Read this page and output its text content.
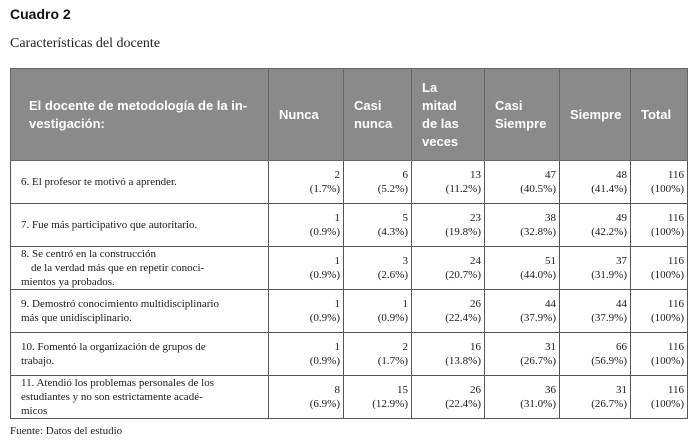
Cuadro 2
Características del docente
El docente de metodología de la in-
vestigación:	Nunca	Casi
nunca	La
mitad
de las
veces	Casi
Siempre	Siempre	Total

6. El profesor te motivó a aprender.	2
(1.7%)	6
(5.2%)	13
(11.2%)	47
(40.5%)	48
(41.4%)	116
(100%)

7. Fue más participativo que autoritario.	1
(0.9%)	5
(4.3%)	23
(19.8%)	38
(32.8%)	49
(42.2%)	116
(100%)

8. Se centró en la construcción
de la verdad más que en repetir conoci-
mientos ya probados.	1
(0.9%)	3
(2.6%)	24
(20.7%)	51
(44.0%)	37
(31.9%)	116
(100%)

9. Demostró conocimiento multidisciplinario
más que unidisciplinario.	1
(0.9%)	1
(0.9%)	26
(22.4%)	44
(37.9%)	44
(37.9%)	116
(100%)

10. Fomentó la organización de grupos de
trabajo.	1
(0.9%)	2
(1.7%)	16
(13.8%)	31
(26.7%)	66
(56.9%)	116
(100%)

11. Atendió los problemas personales de los
estudiantes y no son estrictamente acadé-
micos	8
(6.9%)	15
(12.9%)	26
(22.4%)	36
(31.0%)	31
(26.7%)	116
(100%)
Fuente: Datos del estudio
